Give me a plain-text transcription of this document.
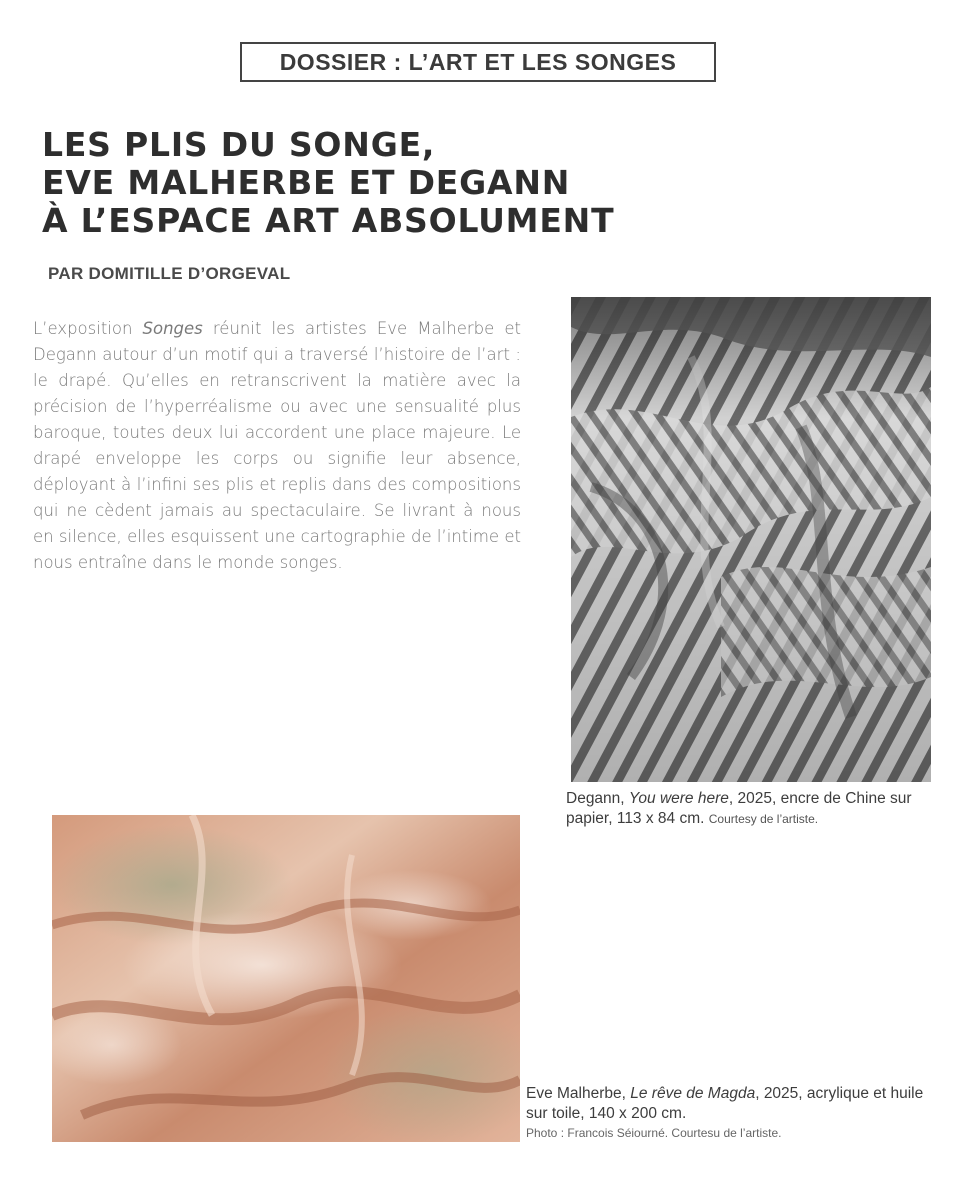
DOSSIER : L’ART ET LES SONGES
LES PLIS DU SONGE,
EVE MALHERBE ET DEGANN
À L’ESPACE ART ABSOLUMENT
PAR DOMITILLE D’ORGEVAL

L’exposition Songes réunit les artistes Eve Malherbe et Degann autour d’un motif qui a traversé l’histoire de l’art : le drapé. Qu’elles en retranscrivent la matière avec la précision de l’hyperréalisme ou avec une sensualité plus baroque, toutes deux lui accordent une place majeure. Le drapé enveloppe les corps ou signifie leur absence, déployant à l’infini ses plis et replis dans des compositions qui ne cèdent jamais au spectaculaire. Se livrant à nous en silence, elles esquissent une cartographie de l’intime et nous entraîne dans le monde songes.

Degann, You were here, 2025, encre de Chine sur papier, 113 x 84 cm. Courtesy de l’artiste.
Eve Malherbe, Le rêve de Magda, 2025, acrylique et huile sur toile, 140 x 200 cm.
Photo : Francois Séiourné. Courtesu de l’artiste.
